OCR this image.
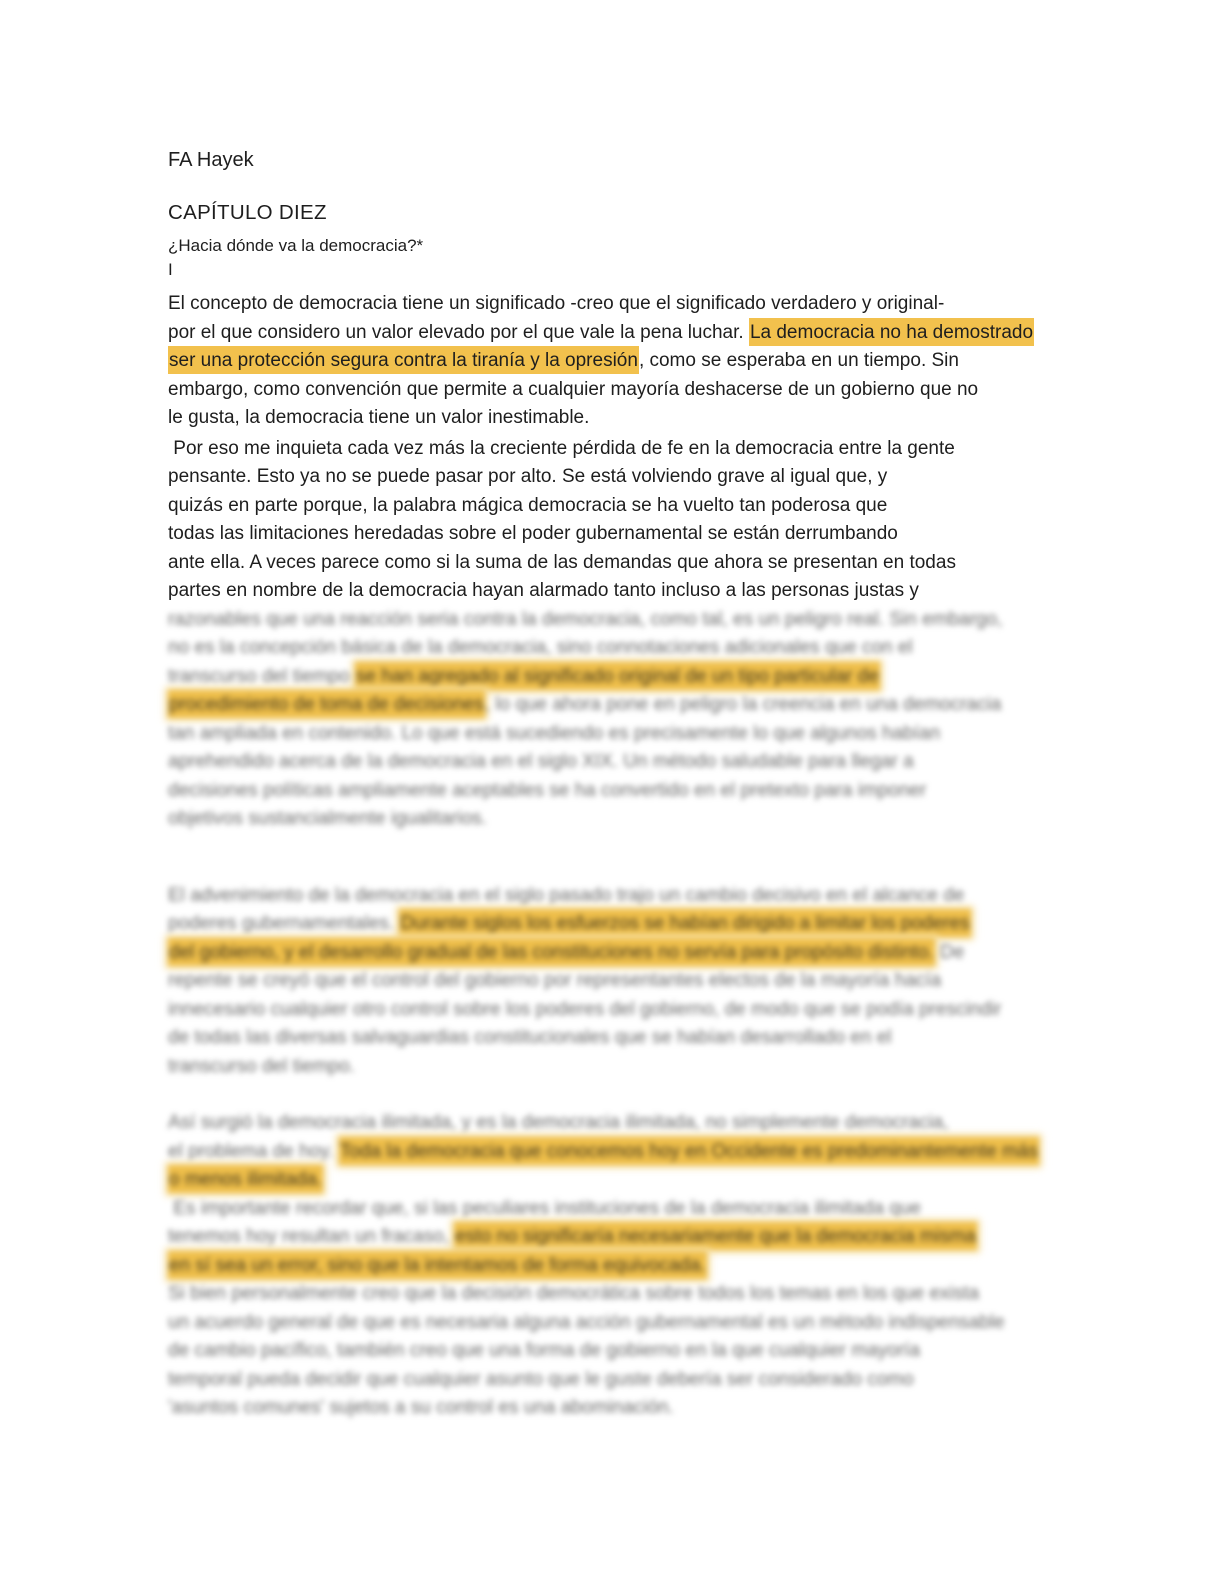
FA Hayek
CAPÍTULO DIEZ
¿Hacia dónde va la democracia?*
I
El concepto de democracia tiene un significado -creo que el significado verdadero y original-
por el que considero un valor elevado por el que vale la pena luchar. La democracia no ha demostrado
ser una protección segura contra la tiranía y la opresión, como se esperaba en un tiempo. Sin
embargo, como convención que permite a cualquier mayoría deshacerse de un gobierno que no
le gusta, la democracia tiene un valor inestimable.
Por eso me inquieta cada vez más la creciente pérdida de fe en la democracia entre la gente
pensante. Esto ya no se puede pasar por alto. Se está volviendo grave al igual que, y
quizás en parte porque, la palabra mágica democracia se ha vuelto tan poderosa que
todas las limitaciones heredadas sobre el poder gubernamental se están derrumbando
ante ella. A veces parece como si la suma de las demandas que ahora se presentan en todas
partes en nombre de la democracia hayan alarmado tanto incluso a las personas justas y
razonables que una reacción seria contra la democracia, como tal, es un peligro real. Sin embargo,
no es la concepción básica de la democracia, sino connotaciones adicionales que con el
transcurso del tiempo se han agregado al significado original de un tipo particular de
procedimiento de toma de decisiones, lo que ahora pone en peligro la creencia en una democracia
tan ampliada en contenido. Lo que está sucediendo es precisamente lo que algunos habían
aprehendido acerca de la democracia en el siglo XIX. Un método saludable para llegar a
decisiones políticas ampliamente aceptables se ha convertido en el pretexto para imponer
objetivos sustancialmente igualitarios.
El advenimiento de la democracia en el siglo pasado trajo un cambio decisivo en el alcance de
poderes gubernamentales. Durante siglos los esfuerzos se habían dirigido a limitar los poderes
del gobierno, y el desarrollo gradual de las constituciones no servía para propósito distinto. De
repente se creyó que el control del gobierno por representantes electos de la mayoría hacía
innecesario cualquier otro control sobre los poderes del gobierno, de modo que se podía prescindir
de todas las diversas salvaguardias constitucionales que se habían desarrollado en el
transcurso del tiempo.
Así surgió la democracia ilimitada, y es la democracia ilimitada, no simplemente democracia,
el problema de hoy. Toda la democracia que conocemos hoy en Occidente es predominantemente más
o menos ilimitada.
Es importante recordar que, si las peculiares instituciones de la democracia ilimitada que
tenemos hoy resultan un fracaso, esto no significaría necesariamente que la democracia misma
en sí sea un error, sino que la intentamos de forma equivocada.
Si bien personalmente creo que la decisión democrática sobre todos los temas en los que exista
un acuerdo general de que es necesaria alguna acción gubernamental es un método indispensable
de cambio pacífico, también creo que una forma de gobierno en la que cualquier mayoría
temporal pueda decidir que cualquier asunto que le guste debería ser considerado como
'asuntos comunes' sujetos a su control es una abominación.
